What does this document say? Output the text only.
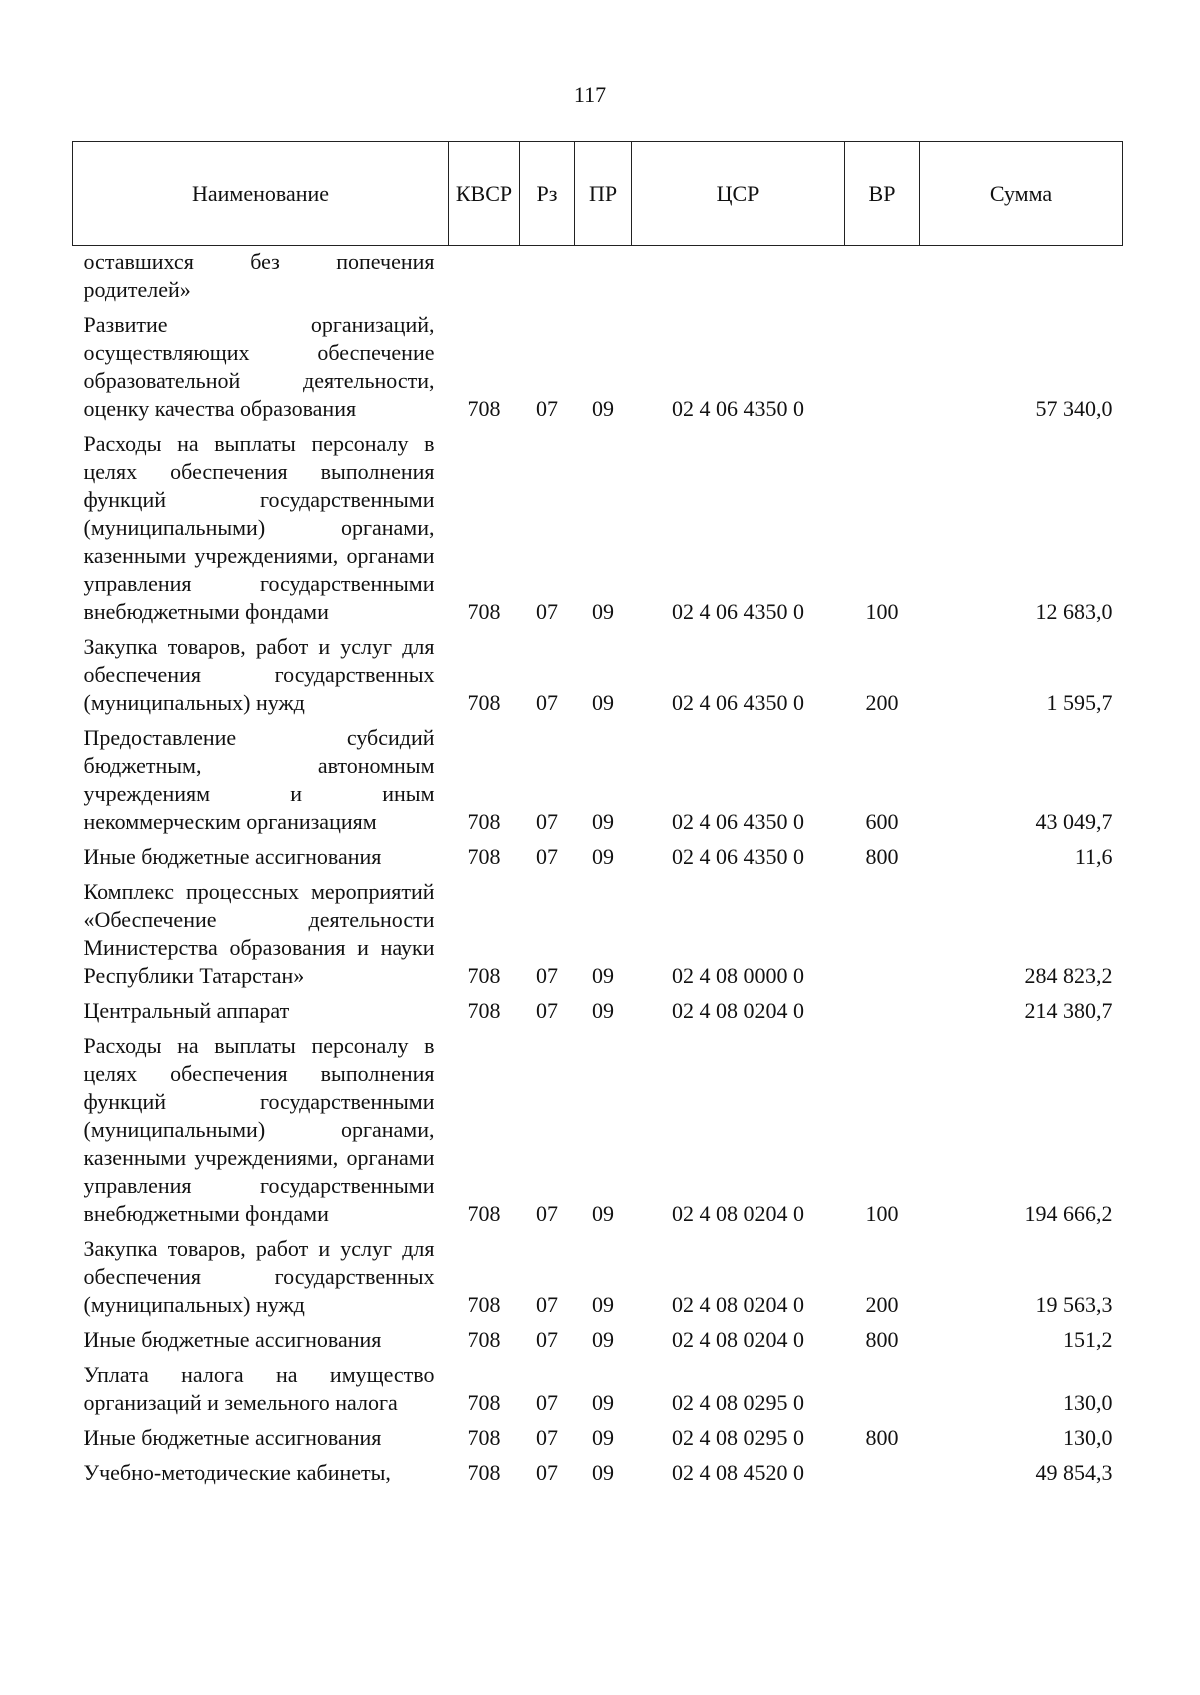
117
Наименование	КВСР	Рз	ПР	ЦСР	ВР	Сумма
оставшихся без попечения родителей»						
Развитие организаций, осуществляющих обеспечение образовательной деятельности, оценку качества образования	708	07	09	02 4 06 4350 0		57 340,0
Расходы на выплаты персоналу в целях обеспечения выполнения функций государственными (муниципальными) органами, казенными учреждениями, органами управления государственными внебюджетными фондами	708	07	09	02 4 06 4350 0	100	12 683,0
Закупка товаров, работ и услуг для обеспечения государственных (муниципальных) нужд	708	07	09	02 4 06 4350 0	200	1 595,7
Предоставление субсидий бюджетным, автономным учреждениям и иным некоммерческим организациям	708	07	09	02 4 06 4350 0	600	43 049,7
Иные бюджетные ассигнования	708	07	09	02 4 06 4350 0	800	11,6
Комплекс процессных мероприятий «Обеспечение деятельности Министерства образования и науки Республики Татарстан»	708	07	09	02 4 08 0000 0		284 823,2
Центральный аппарат	708	07	09	02 4 08 0204 0		214 380,7
Расходы на выплаты персоналу в целях обеспечения выполнения функций государственными (муниципальными) органами, казенными учреждениями, органами управления государственными внебюджетными фондами	708	07	09	02 4 08 0204 0	100	194 666,2
Закупка товаров, работ и услуг для обеспечения государственных (муниципальных) нужд	708	07	09	02 4 08 0204 0	200	19 563,3
Иные бюджетные ассигнования	708	07	09	02 4 08 0204 0	800	151,2
Уплата налога на имущество организаций и земельного налога	708	07	09	02 4 08 0295 0		130,0
Иные бюджетные ассигнования	708	07	09	02 4 08 0295 0	800	130,0
Учебно-методические кабинеты,	708	07	09	02 4 08 4520 0		49 854,3
